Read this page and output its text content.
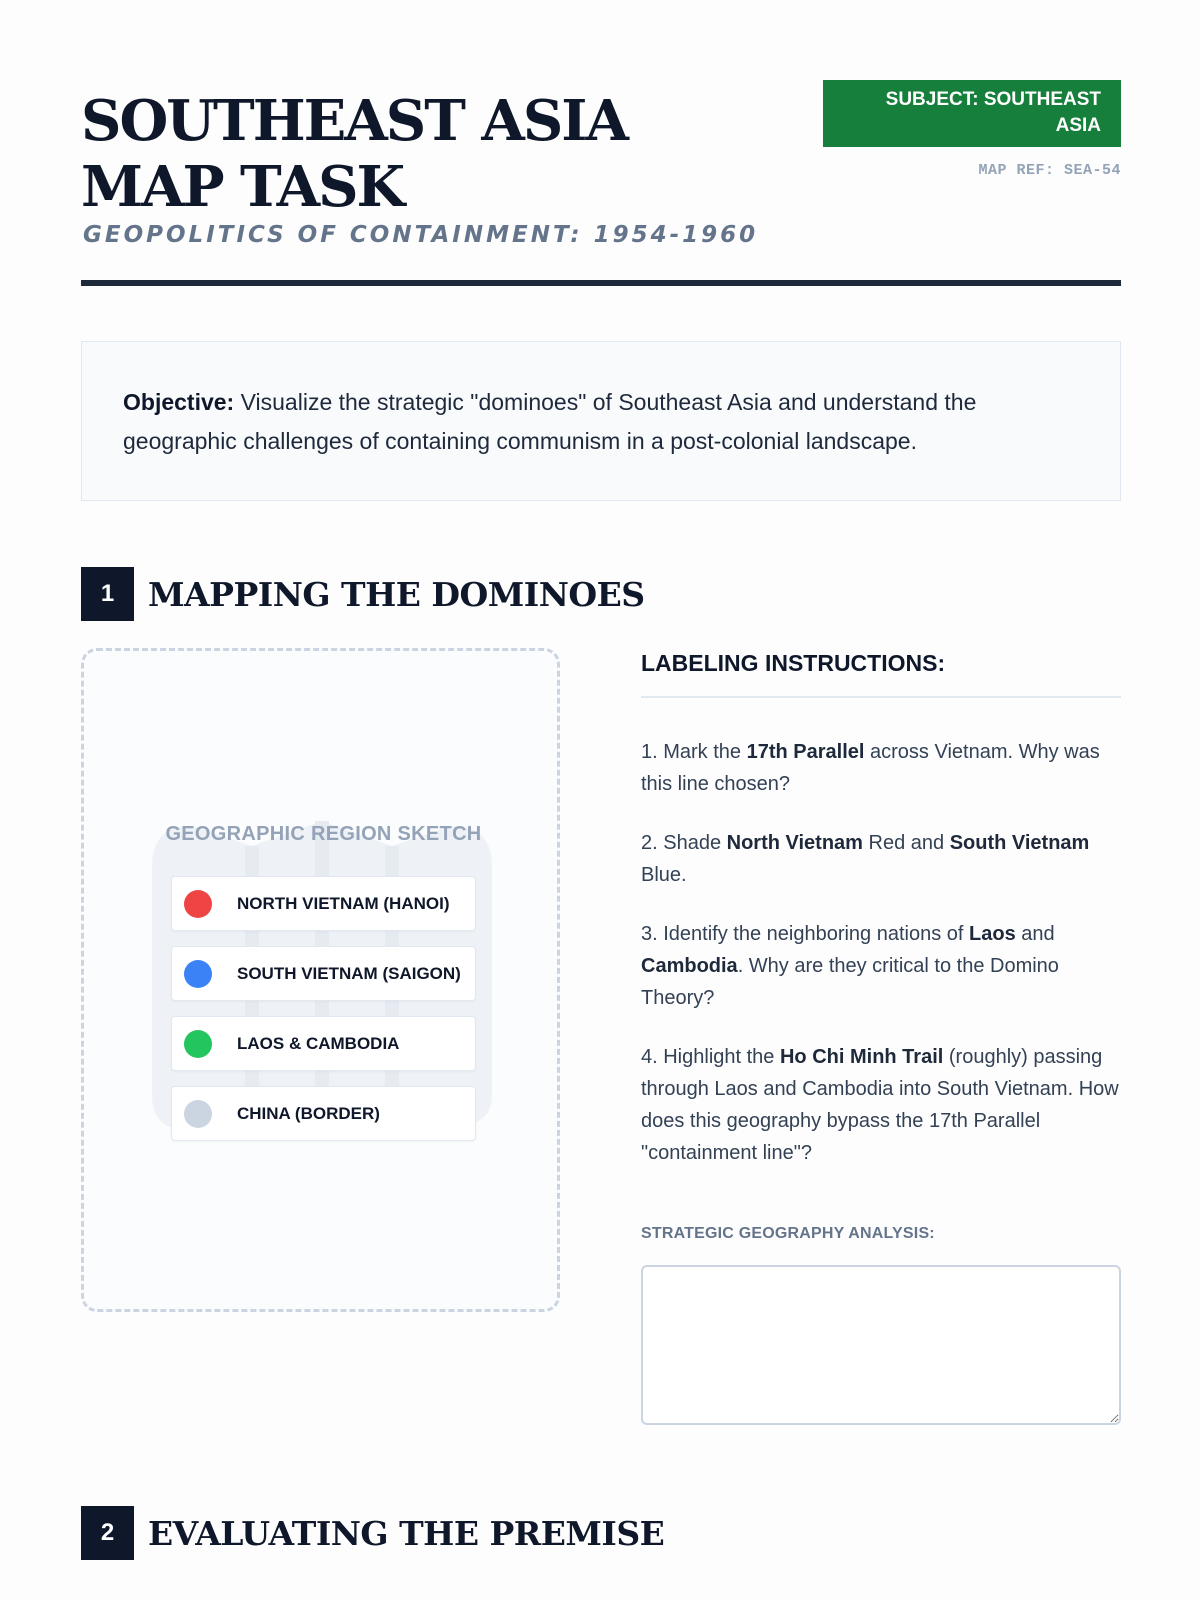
SOUTHEAST ASIA MAP TASK
GEOPOLITICS OF CONTAINMENT: 1954-1960
SUBJECT: SOUTHEAST ASIA
MAP REF: SEA-54
Objective: Visualize the strategic "dominoes" of Southeast Asia and understand the geographic challenges of containing communism in a post-colonial landscape.
1	MAPPING THE DOMINOES
GEOGRAPHIC REGION SKETCH
NORTH VIETNAM (HANOI)
SOUTH VIETNAM (SAIGON)
LAOS & CAMBODIA
CHINA (BORDER)
LABELING INSTRUCTIONS:
1. Mark the 17th Parallel across Vietnam. Why was this line chosen?
2. Shade North Vietnam Red and South Vietnam Blue.
3. Identify the neighboring nations of Laos and Cambodia. Why are they critical to the Domino Theory?
4. Highlight the Ho Chi Minh Trail (roughly) passing through Laos and Cambodia into South Vietnam. How does this geography bypass the 17th Parallel "containment line"?
STRATEGIC GEOGRAPHY ANALYSIS:
2	EVALUATING THE PREMISE
